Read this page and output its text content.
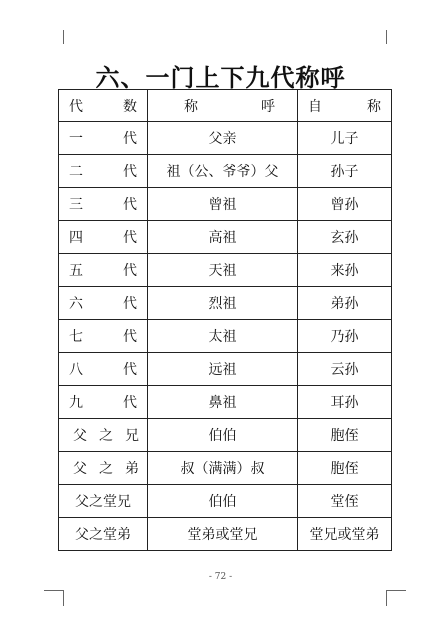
六、一门上下九代称呼
代 数	称 呼	自 称

一 代	父亲	儿子

二 代	祖（公、爷爷）父	孙子

三 代	曾祖	曾孙

四 代	高祖	玄孙

五 代	天祖	来孙

六 代	烈祖	弟孙

七 代	太祖	乃孙

八 代	远祖	云孙

九 代	鼻祖	耳孙

父 之 兄	伯伯	胞侄

父 之 弟	叔（满满）叔	胞侄

父之堂兄	伯伯	堂侄

父之堂弟	堂弟或堂兄	堂兄或堂弟
- 72 -
